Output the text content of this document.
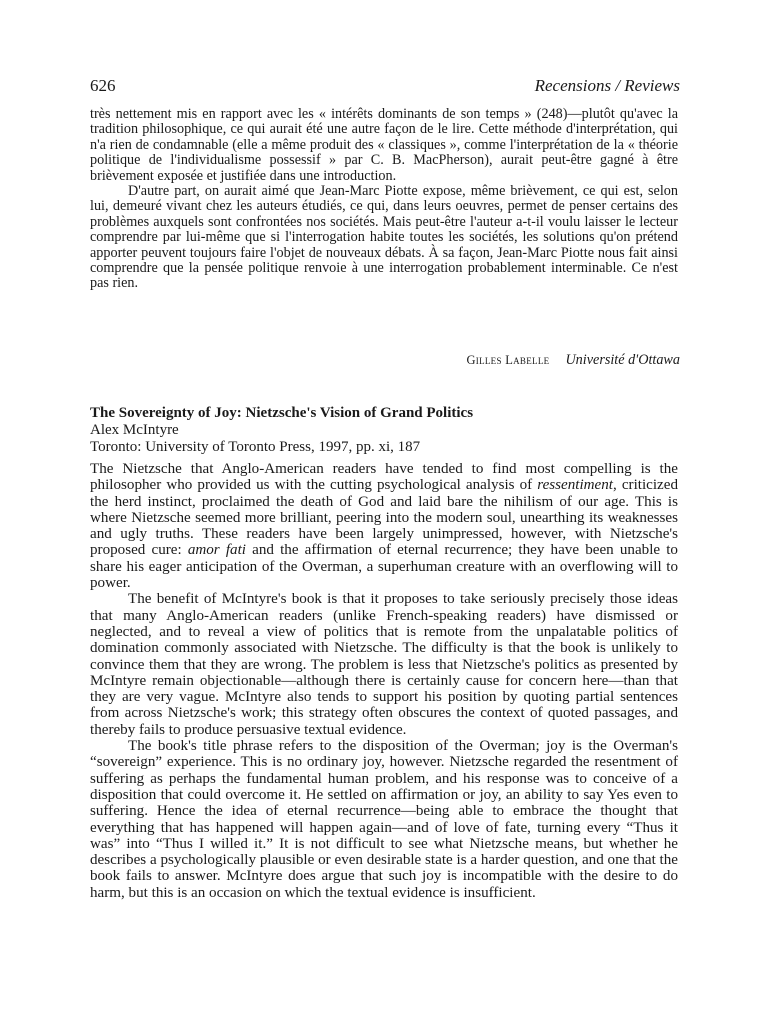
626	Recensions / Reviews

très nettement mis en rapport avec les « intérêts dominants de son temps » (248)—plutôt qu'avec la tradition philosophique, ce qui aurait été une autre façon de le lire. Cette méthode d'interprétation, qui n'a rien de condamnable (elle a même produit des « classiques », comme l'interprétation de la « théorie politique de l'individualisme possessif » par C. B. MacPherson), aurait peut-être gagné à être brièvement exposée et justifiée dans une introduction.

D'autre part, on aurait aimé que Jean-Marc Piotte expose, même brièvement, ce qui est, selon lui, demeuré vivant chez les auteurs étudiés, ce qui, dans leurs oeuvres, permet de penser certains des problèmes auxquels sont confrontées nos sociétés. Mais peut-être l'auteur a-t-il voulu laisser le lecteur comprendre par lui-même que si l'interrogation habite toutes les sociétés, les solutions qu'on prétend apporter peuvent toujours faire l'objet de nouveaux débats. À sa façon, Jean-Marc Piotte nous fait ainsi comprendre que la pensée politique renvoie à une interrogation probablement interminable. Ce n'est pas rien.

Gilles Labelle Université d'Ottawa
The Sovereignty of Joy: Nietzsche's Vision of Grand Politics
Alex McIntyre
Toronto: University of Toronto Press, 1997, pp. xi, 187

The Nietzsche that Anglo-American readers have tended to find most compelling is the philosopher who provided us with the cutting psychological analysis of ressentiment, criticized the herd instinct, proclaimed the death of God and laid bare the nihilism of our age. This is where Nietzsche seemed more brilliant, peering into the modern soul, unearthing its weaknesses and ugly truths. These readers have been largely unimpressed, however, with Nietzsche's proposed cure: amor fati and the affirmation of eternal recurrence; they have been unable to share his eager anticipation of the Overman, a superhuman creature with an overflowing will to power.

The benefit of McIntyre's book is that it proposes to take seriously precisely those ideas that many Anglo-American readers (unlike French-speaking readers) have dismissed or neglected, and to reveal a view of politics that is remote from the unpalatable politics of domination commonly associated with Nietzsche. The difficulty is that the book is unlikely to convince them that they are wrong. The problem is less that Nietzsche's politics as presented by McIntyre remain objectionable—although there is certainly cause for concern here—than that they are very vague. McIntyre also tends to support his position by quoting partial sentences from across Nietzsche's work; this strategy often obscures the context of quoted passages, and thereby fails to produce persuasive textual evidence.

The book's title phrase refers to the disposition of the Overman; joy is the Overman's “sovereign” experience. This is no ordinary joy, however. Nietzsche regarded the resentment of suffering as perhaps the fundamental human problem, and his response was to conceive of a disposition that could overcome it. He settled on affirmation or joy, an ability to say Yes even to suffering. Hence the idea of eternal recurrence—being able to embrace the thought that everything that has happened will happen again—and of love of fate, turning every “Thus it was” into “Thus I willed it.” It is not difficult to see what Nietzsche means, but whether he describes a psychologically plausible or even desirable state is a harder question, and one that the book fails to answer. McIntyre does argue that such joy is incompatible with the desire to do harm, but this is an occasion on which the textual evidence is insufficient.
